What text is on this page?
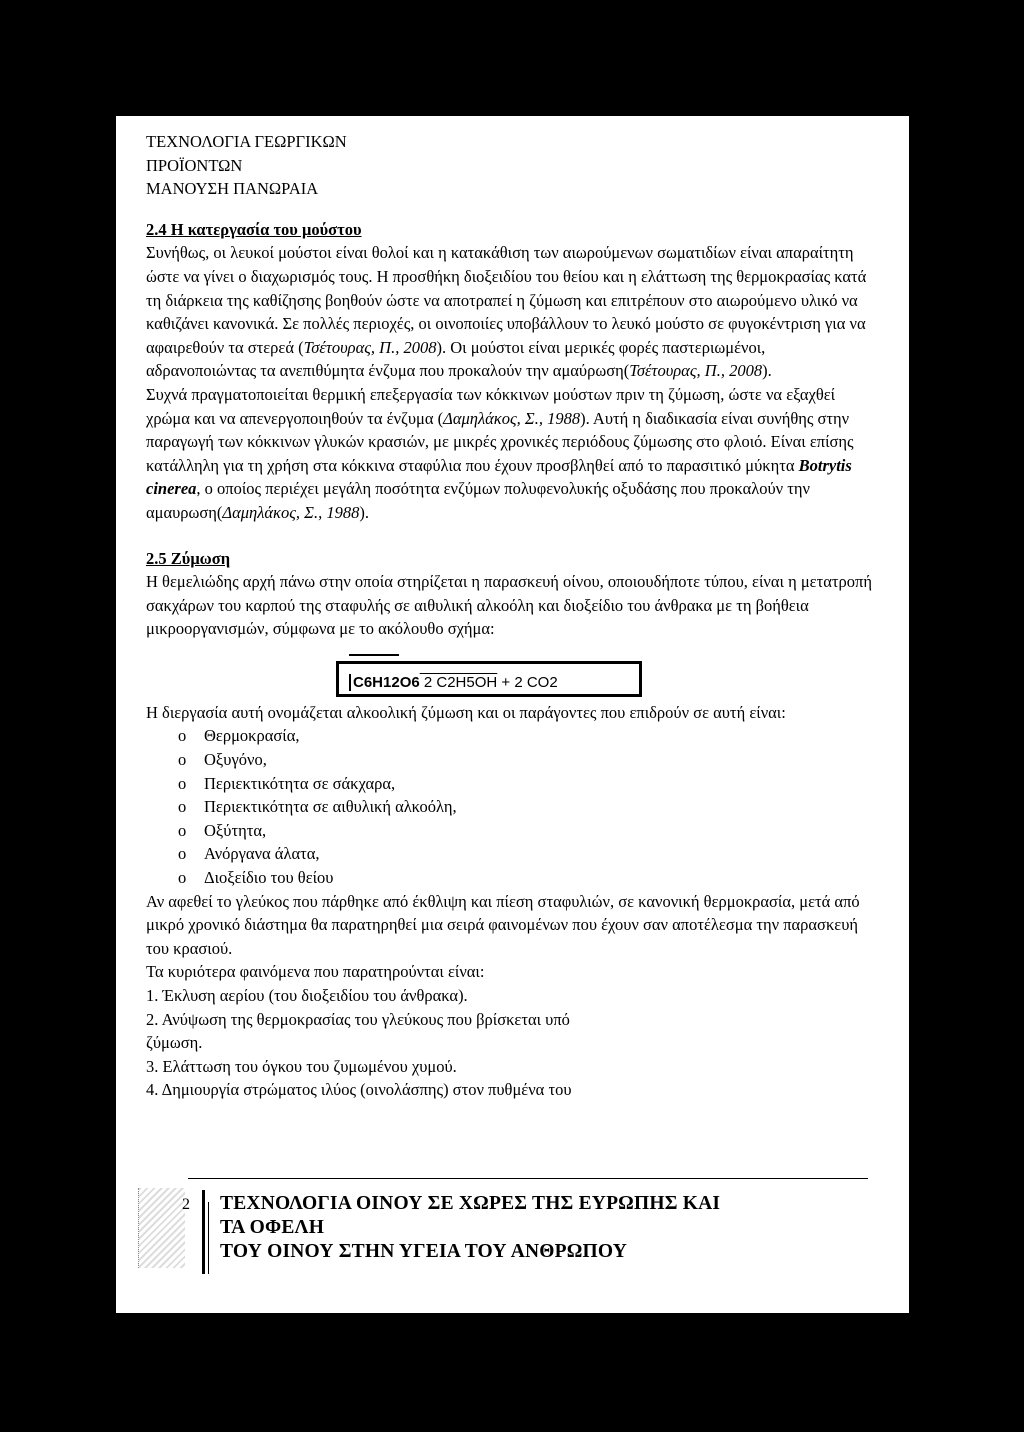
ΤΕΧΝΟΛΟΓΙΑ ΓΕΩΡΓΙΚΩΝ
ΠΡΟΪΟΝΤΩΝ
ΜΑΝΟΥΣΗ ΠΑΝΩΡΑΙΑ
2.4 Η κατεργασία του μούστου

Συνήθως, οι λευκοί μούστοι είναι θολοί και η κατακάθιση των αιωρούμενων σωματιδίων είναι απαραίτητη ώστε να γίνει ο διαχωρισμός τους. Η προσθήκη διοξειδίου του θείου και η ελάττωση της θερμοκρασίας κατά τη διάρκεια της καθίζησης βοηθούν ώστε να αποτραπεί η ζύμωση και επιτρέπουν στο αιωρούμενο υλικό να καθιζάνει κανονικά. Σε πολλές περιοχές, οι οινοποιίες υποβάλλουν το λευκό μούστο σε φυγοκέντριση για να αφαιρεθούν τα στερεά (Τσέτουρας, Π., 2008). Οι μούστοι είναι μερικές φορές παστεριωμένοι, αδρανοποιώντας τα ανεπιθύμητα ένζυμα που προκαλούν την αμαύρωση(Τσέτουρας, Π., 2008).

Συχνά πραγματοποιείται θερμική επεξεργασία των κόκκινων μούστων πριν τη ζύμωση, ώστε να εξαχθεί χρώμα και να απενεργοποιηθούν τα ένζυμα (Δαμηλάκος, Σ., 1988). Αυτή η διαδικασία είναι συνήθης στην παραγωγή των κόκκινων γλυκών κρασιών, με μικρές χρονικές περιόδους ζύμωσης στο φλοιό. Είναι επίσης κατάλληλη για τη χρήση στα κόκκινα σταφύλια που έχουν προσβληθεί από το παρασιτικό μύκητα Botrytis cinerea, ο οποίος περιέχει μεγάλη ποσότητα ενζύμων πολυφενολυκής οξυδάσης που προκαλούν την αμαυρωση(Δαμηλάκος, Σ., 1988).

2.5 Ζύμωση

Η θεμελιώδης αρχή πάνω στην οποία στηρίζεται η παρασκευή οίνου, οποιουδήποτε τύπου, είναι η μετατροπή σακχάρων του καρπού της σταφυλής σε αιθυλική αλκοόλη και διοξείδιο του άνθρακα με τη βοήθεια μικροοργανισμών, σύμφωνα με το ακόλουθο σχήμα:

C6H12O6 2 C2H5OH + 2 CO2

Η διεργασία αυτή ονομάζεται αλκοολική ζύμωση και οι παράγοντες που επιδρούν σε αυτή είναι:

o	Θερμοκρασία,
o	Οξυγόνο,
o	Περιεκτικότητα σε σάκχαρα,
o	Περιεκτικότητα σε αιθυλική αλκοόλη,
o	Οξύτητα,
o	Ανόργανα άλατα,
o	Διοξείδιο του θείου

Αν αφεθεί το γλεύκος που πάρθηκε από έκθλιψη και πίεση σταφυλιών, σε κανονική θερμοκρασία, μετά από μικρό χρονικό διάστημα θα παρατηρηθεί μια σειρά φαινομένων που έχουν σαν αποτέλεσμα την παρασκευή του κρασιού.

Τα κυριότερα φαινόμενα που παρατηρούνται είναι:

1. Έκλυση αερίου (του διοξειδίου του άνθρακα).

2. Ανύψωση της θερμοκρασίας του γλεύκους που βρίσκεται υπό

ζύμωση.

3. Ελάττωση του όγκου του ζυμωμένου χυμού.

4. Δημιουργία στρώματος ιλύος (οινολάσπης) στον πυθμένα του

2 ΤΕΧΝΟΛΟΓΙΑ ΟΙΝΟΥ ΣΕ ΧΩΡΕΣ ΤΗΣ ΕΥΡΩΠΗΣ ΚΑΙ
ΤΑ ΟΦΕΛΗ
ΤΟΥ ΟΙΝΟΥ ΣΤΗΝ ΥΓΕΙΑ ΤΟΥ ΑΝΘΡΩΠΟΥ
